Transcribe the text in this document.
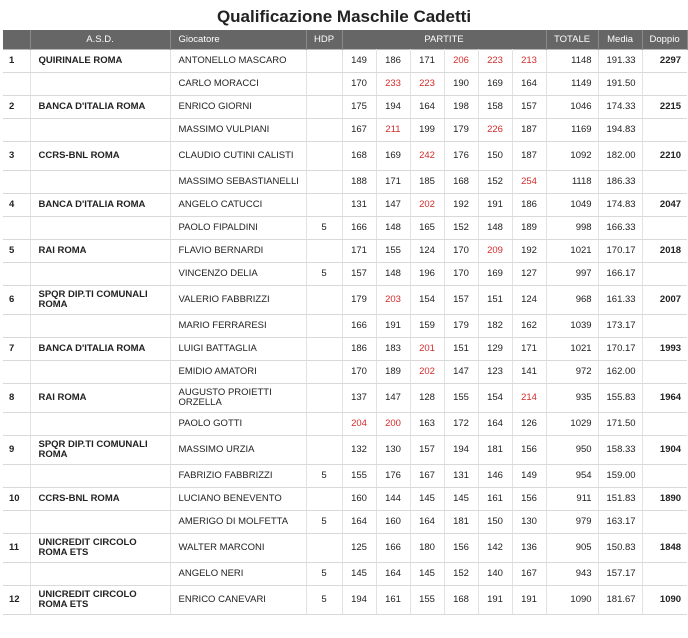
Qualificazione Maschile Cadetti
	A.S.D.	Giocatore	HDP	PARTITE						TOTALE	Media	Doppio
1	QUIRINALE ROMA	ANTONELLO MASCARO		149	186	171	206	223	213	1148	191.33	2297
		CARLO MORACCI		170	233	223	190	169	164	1149	191.50	
2	BANCA D'ITALIA ROMA	ENRICO GIORNI		175	194	164	198	158	157	1046	174.33	2215
		MASSIMO VULPIANI		167	211	199	179	226	187	1169	194.83	
3	CCRS-BNL ROMA	CLAUDIO CUTINI CALISTI		168	169	242	176	150	187	1092	182.00	2210
		MASSIMO SEBASTIANELLI		188	171	185	168	152	254	1118	186.33	
4	BANCA D'ITALIA ROMA	ANGELO CATUCCI		131	147	202	192	191	186	1049	174.83	2047
		PAOLO FIPALDINI	5	166	148	165	152	148	189	998	166.33	
5	RAI ROMA	FLAVIO BERNARDI		171	155	124	170	209	192	1021	170.17	2018
		VINCENZO DELIA	5	157	148	196	170	169	127	997	166.17	
6	SPQR DIP.TI COMUNALI ROMA	VALERIO FABBRIZZI		179	203	154	157	151	124	968	161.33	2007
		MARIO FERRARESI		166	191	159	179	182	162	1039	173.17	
7	BANCA D'ITALIA ROMA	LUIGI BATTAGLIA		186	183	201	151	129	171	1021	170.17	1993
		EMIDIO AMATORI		170	189	202	147	123	141	972	162.00	
8	RAI ROMA	AUGUSTO PROIETTI ORZELLA		137	147	128	155	154	214	935	155.83	1964
		PAOLO GOTTI		204	200	163	172	164	126	1029	171.50	
9	SPQR DIP.TI COMUNALI ROMA	MASSIMO URZIA		132	130	157	194	181	156	950	158.33	1904
		FABRIZIO FABBRIZZI	5	155	176	167	131	146	149	954	159.00	
10	CCRS-BNL ROMA	LUCIANO BENEVENTO		160	144	145	145	161	156	911	151.83	1890
		AMERIGO DI MOLFETTA	5	164	160	164	181	150	130	979	163.17	
11	UNICREDIT CIRCOLO ROMA ETS	WALTER MARCONI		125	166	180	156	142	136	905	150.83	1848
		ANGELO NERI	5	145	164	145	152	140	167	943	157.17	
12	UNICREDIT CIRCOLO ROMA ETS	ENRICO CANEVARI	5	194	161	155	168	191	191	1090	181.67	1090
